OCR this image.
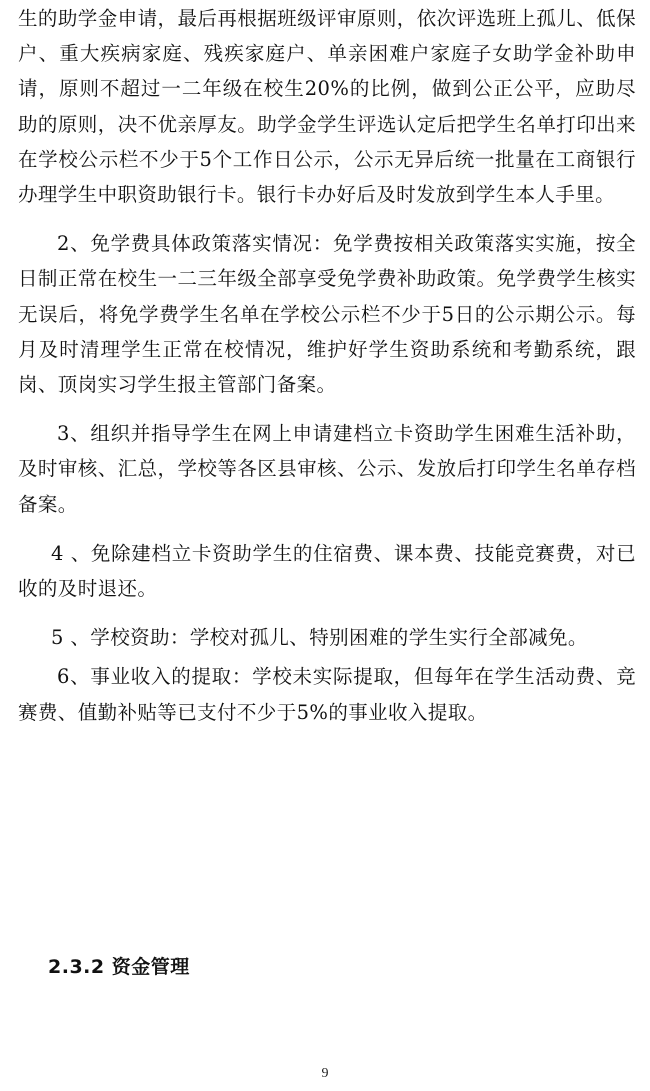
生的助学金申请，最后再根据班级评审原则，依次评选班上孤儿、低保户、重大疾病家庭、残疾家庭户、单亲困难户家庭子女助学金补助申请，原则不超过一二年级在校生20%的比例，做到公正公平，应助尽助的原则，决不优亲厚友。助学金学生评选认定后把学生名单打印出来在学校公示栏不少于5个工作日公示，公示无异后统一批量在工商银行办理学生中职资助银行卡。银行卡办好后及时发放到学生本人手里。

2、免学费具体政策落实情况：免学费按相关政策落实实施，按全日制正常在校生一二三年级全部享受免学费补助政策。免学费学生核实无误后，将免学费学生名单在学校公示栏不少于5日的公示期公示。每月及时清理学生正常在校情况，维护好学生资助系统和考勤系统，跟岗、顶岗实习学生报主管部门备案。

3、组织并指导学生在网上申请建档立卡资助学生困难生活补助，及时审核、汇总，学校等各区县审核、公示、发放后打印学生名单存档备案。

4 、免除建档立卡资助学生的住宿费、课本费、技能竞赛费，对已收的及时退还。

5 、学校资助：学校对孤儿、特别困难的学生实行全部减免。

6、事业收入的提取：学校未实际提取，但每年在学生活动费、竞赛费、值勤补贴等已支付不少于5%的事业收入提取。

2.3.2 资金管理

9
